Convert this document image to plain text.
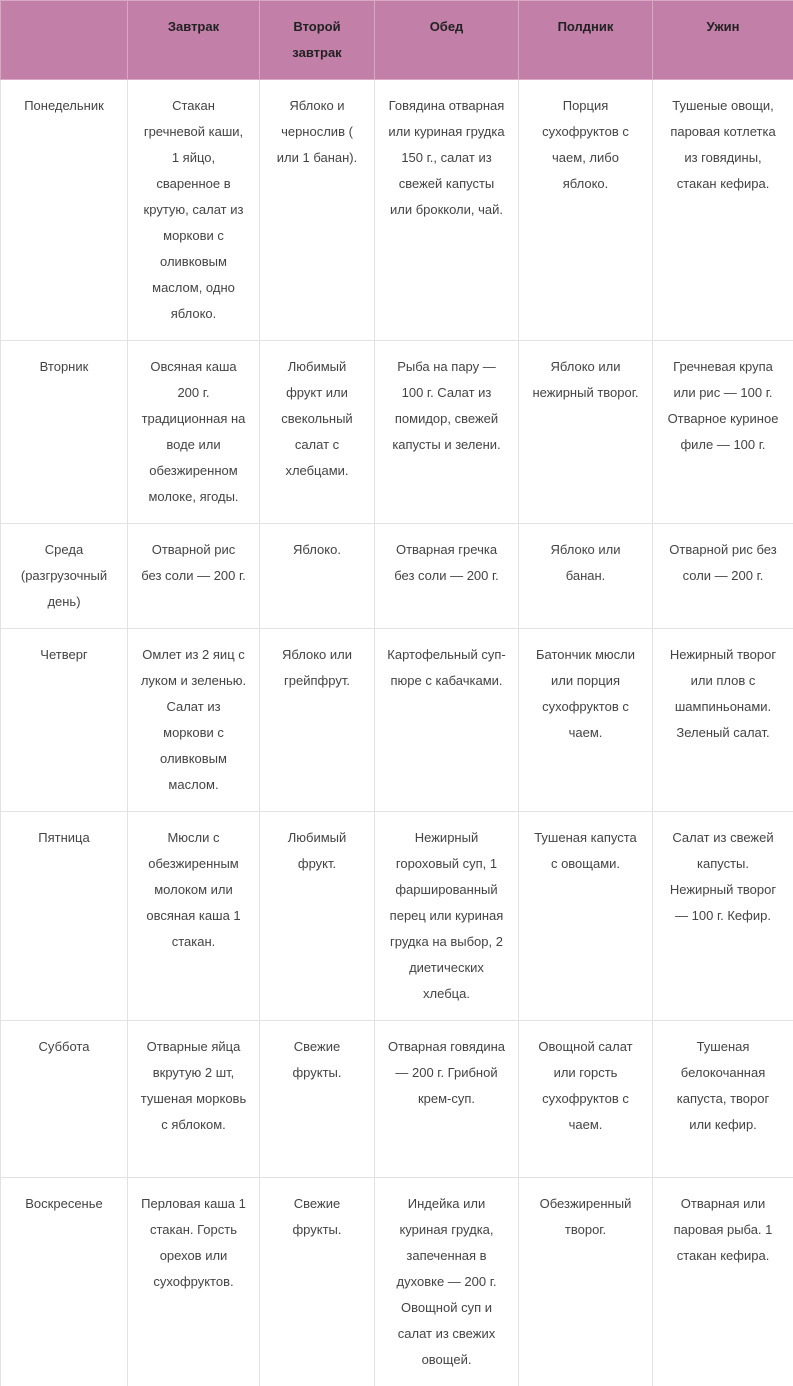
	Завтрак	Второй завтрак	Обед	Полдник	Ужин
Понедельник	Стакан гречневой каши, 1 яйцо, сваренное в крутую, салат из моркови с оливковым маслом, одно яблоко.	Яблоко и чернослив ( или 1 банан).	Говядина отварная или куриная грудка 150 г., салат из свежей капусты или брокколи, чай.	Порция сухофруктов с чаем, либо яблоко.	Тушеные овощи, паровая котлетка из говядины, стакан кефира.
Вторник	Овсяная каша 200 г. традиционная на воде или обезжиренном молоке, ягоды.	Любимый фрукт или свекольный салат с хлебцами.	Рыба на пару — 100 г. Салат из помидор, свежей капусты и зелени.	Яблоко или нежирный творог.	Гречневая крупа или рис — 100 г. Отварное куриное филе — 100 г.
Среда (разгрузочный день)	Отварной рис без соли — 200 г.	Яблоко.	Отварная гречка без соли — 200 г.	Яблоко или банан.	Отварной рис без соли — 200 г.
Четверг	Омлет из 2 яиц с луком и зеленью. Салат из моркови с оливковым маслом.	Яблоко или грейпфрут.	Картофельный суп-пюре с кабачками.	Батончик мюсли или порция сухофруктов с чаем.	Нежирный творог или плов с шампиньонами. Зеленый салат.
Пятница	Мюсли с обезжиренным молоком или овсяная каша 1 стакан.	Любимый фрукт.	Нежирный гороховый суп, 1 фаршированный перец или куриная грудка на выбор, 2 диетических хлебца.	Тушеная капуста с овощами.	Салат из свежей капусты. Нежирный творог — 100 г. Кефир.
Суббота	Отварные яйца вкрутую 2 шт, тушеная морковь с яблоком.	Свежие фрукты.	Отварная говядина — 200 г. Грибной крем-суп.	Овощной салат или горсть сухофруктов с чаем.	Тушеная белокочанная капуста, творог или кефир.
Воскресенье	Перловая каша 1 стакан. Горсть орехов или сухофруктов.	Свежие фрукты.	Индейка или куриная грудка, запеченная в духовке — 200 г. Овощной суп и салат из свежих овощей.	Обезжиренный творог.	Отварная или паровая рыба. 1 стакан кефира.
